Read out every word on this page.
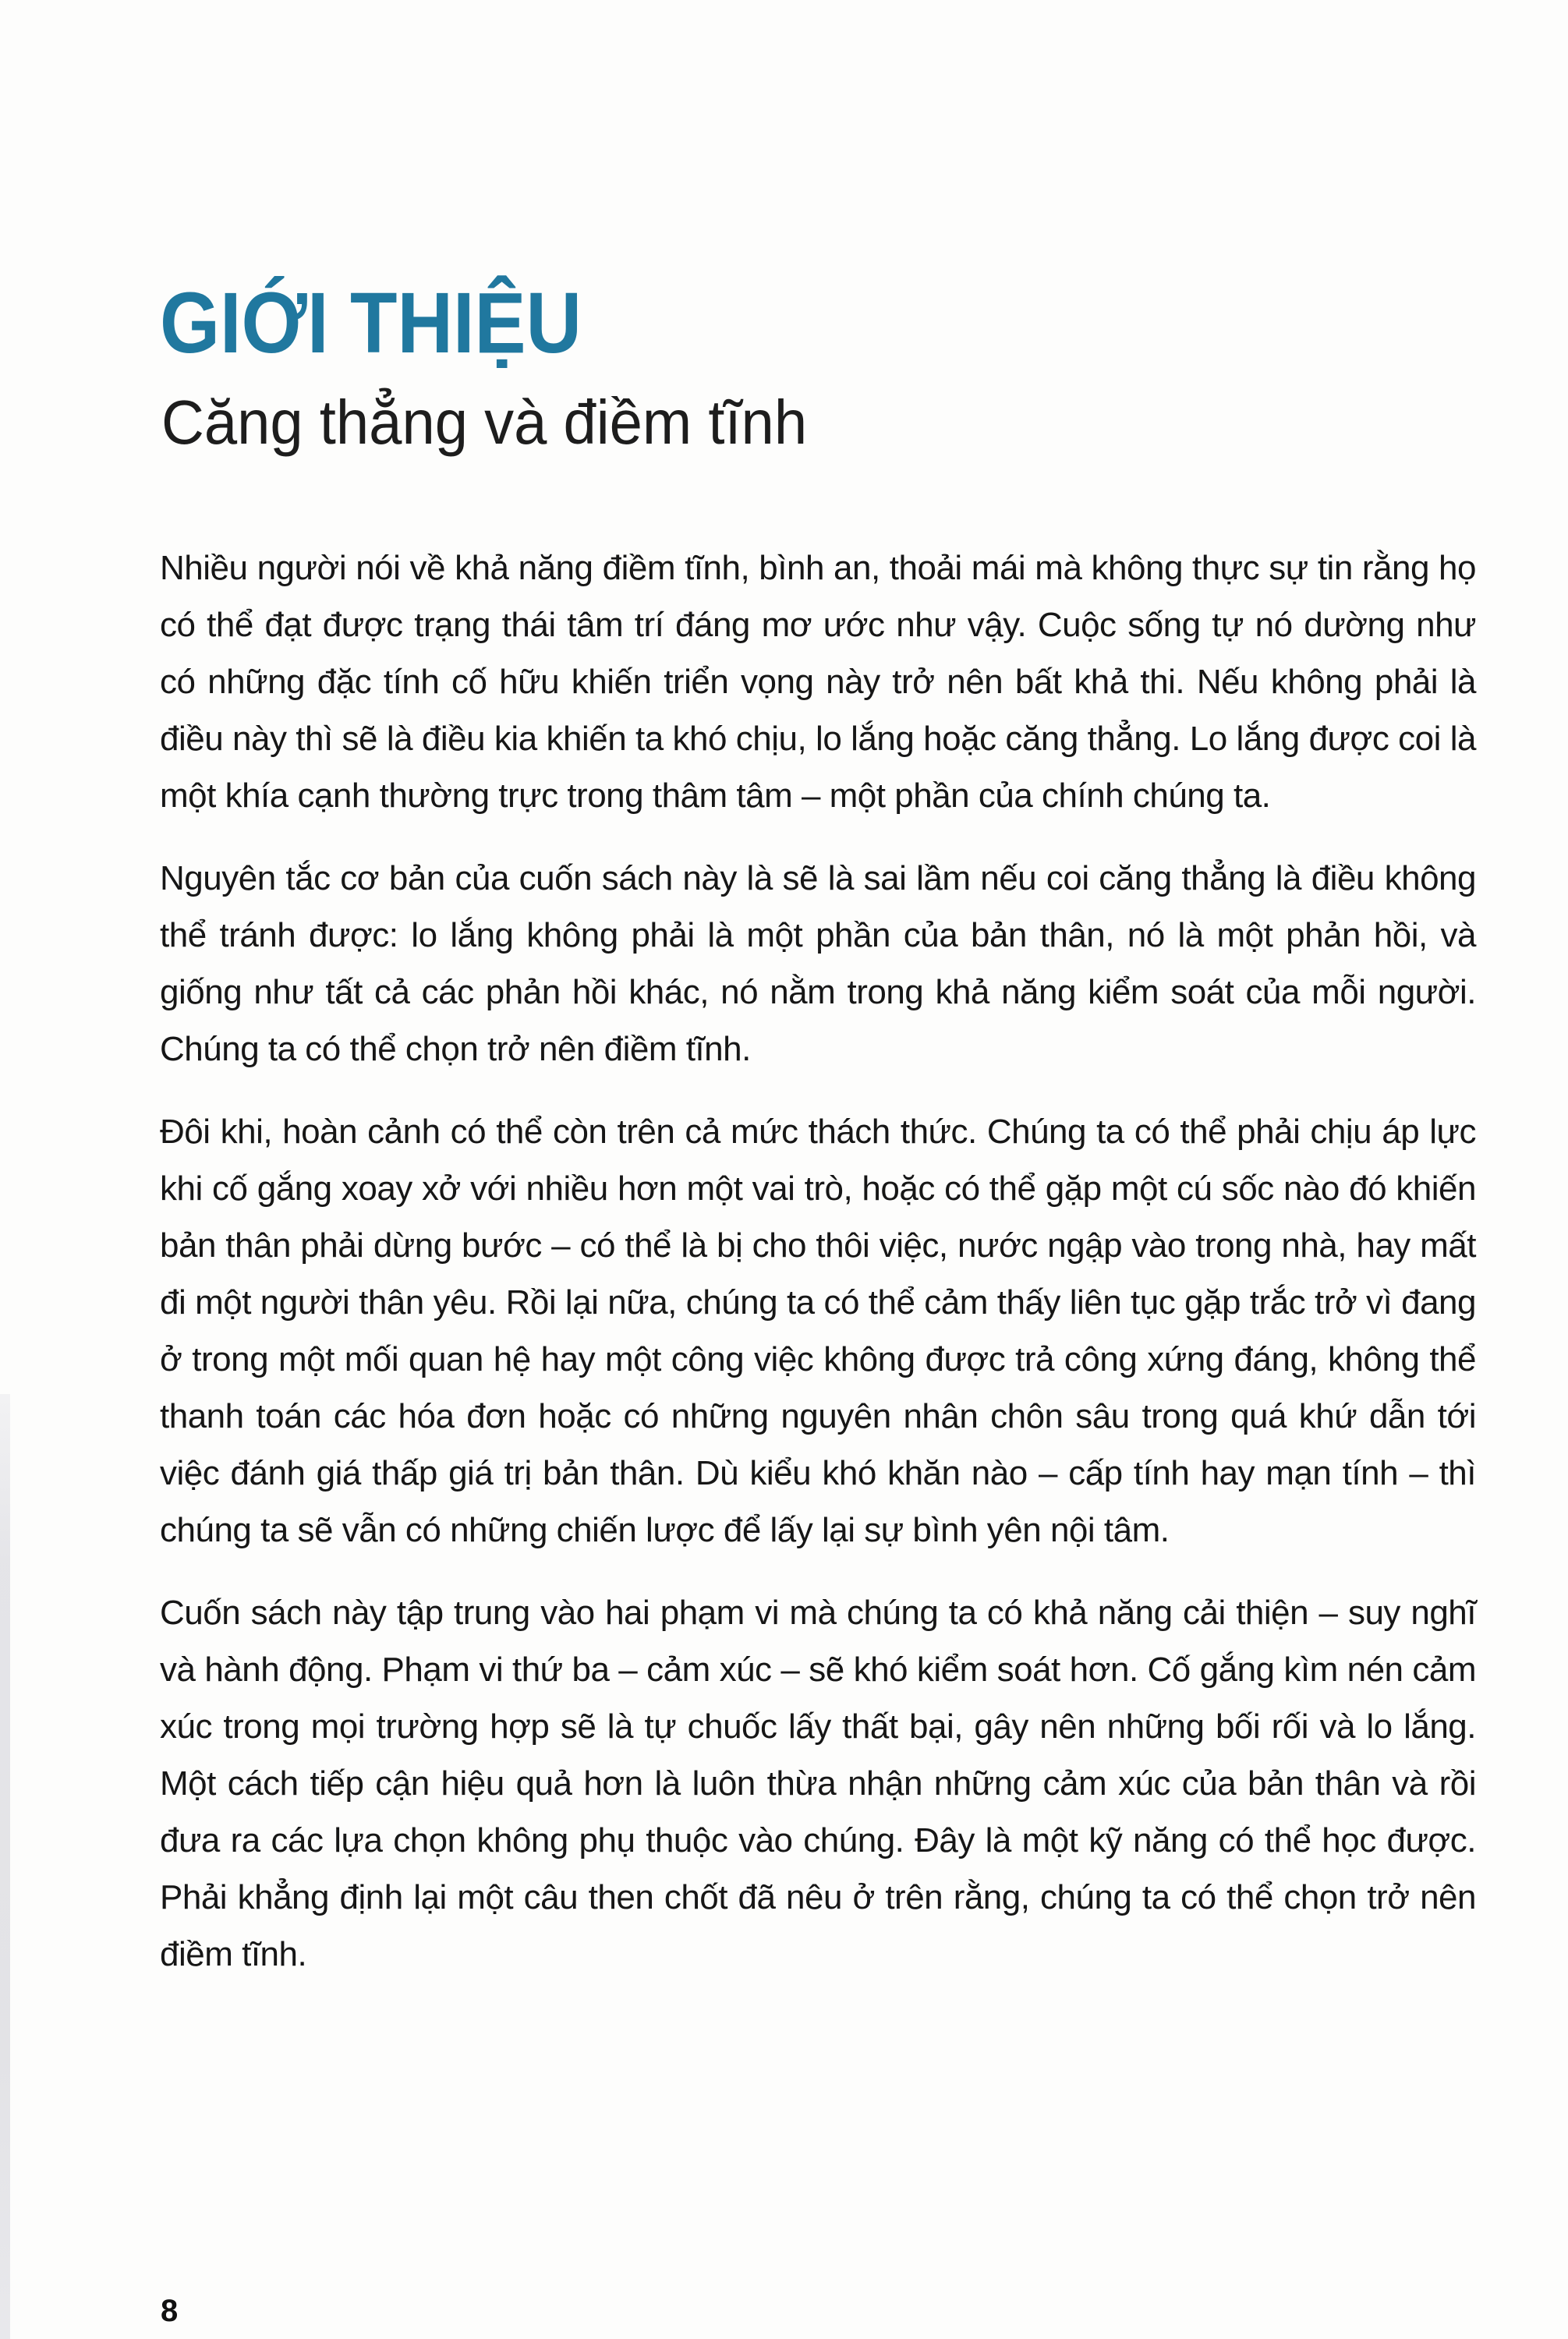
GIỚI THIỆU
Căng thẳng và điềm tĩnh

Nhiều người nói về khả năng điềm tĩnh, bình an, thoải mái mà không thực sự tin rằng họ có thể đạt được trạng thái tâm trí đáng mơ ước như vậy. Cuộc sống tự nó dường như có những đặc tính cố hữu khiến triển vọng này trở nên bất khả thi. Nếu không phải là điều này thì sẽ là điều kia khiến ta khó chịu, lo lắng hoặc căng thẳng. Lo lắng được coi là một khía cạnh thường trực trong thâm tâm – một phần của chính chúng ta.

Nguyên tắc cơ bản của cuốn sách này là sẽ là sai lầm nếu coi căng thẳng là điều không thể tránh được: lo lắng không phải là một phần của bản thân, nó là một phản hồi, và giống như tất cả các phản hồi khác, nó nằm trong khả năng kiểm soát của mỗi người. Chúng ta có thể chọn trở nên điềm tĩnh.

Đôi khi, hoàn cảnh có thể còn trên cả mức thách thức. Chúng ta có thể phải chịu áp lực khi cố gắng xoay xở với nhiều hơn một vai trò, hoặc có thể gặp một cú sốc nào đó khiến bản thân phải dừng bước – có thể là bị cho thôi việc, nước ngập vào trong nhà, hay mất đi một người thân yêu. Rồi lại nữa, chúng ta có thể cảm thấy liên tục gặp trắc trở vì đang ở trong một mối quan hệ hay một công việc không được trả công xứng đáng, không thể thanh toán các hóa đơn hoặc có những nguyên nhân chôn sâu trong quá khứ dẫn tới việc đánh giá thấp giá trị bản thân. Dù kiểu khó khăn nào – cấp tính hay mạn tính – thì chúng ta sẽ vẫn có những chiến lược để lấy lại sự bình yên nội tâm.

Cuốn sách này tập trung vào hai phạm vi mà chúng ta có khả năng cải thiện – suy nghĩ và hành động. Phạm vi thứ ba – cảm xúc – sẽ khó kiểm soát hơn. Cố gắng kìm nén cảm xúc trong mọi trường hợp sẽ là tự chuốc lấy thất bại, gây nên những bối rối và lo lắng. Một cách tiếp cận hiệu quả hơn là luôn thừa nhận những cảm xúc của bản thân và rồi đưa ra các lựa chọn không phụ thuộc vào chúng. Đây là một kỹ năng có thể học được. Phải khẳng định lại một câu then chốt đã nêu ở trên rằng, chúng ta có thể chọn trở nên điềm tĩnh.

8
